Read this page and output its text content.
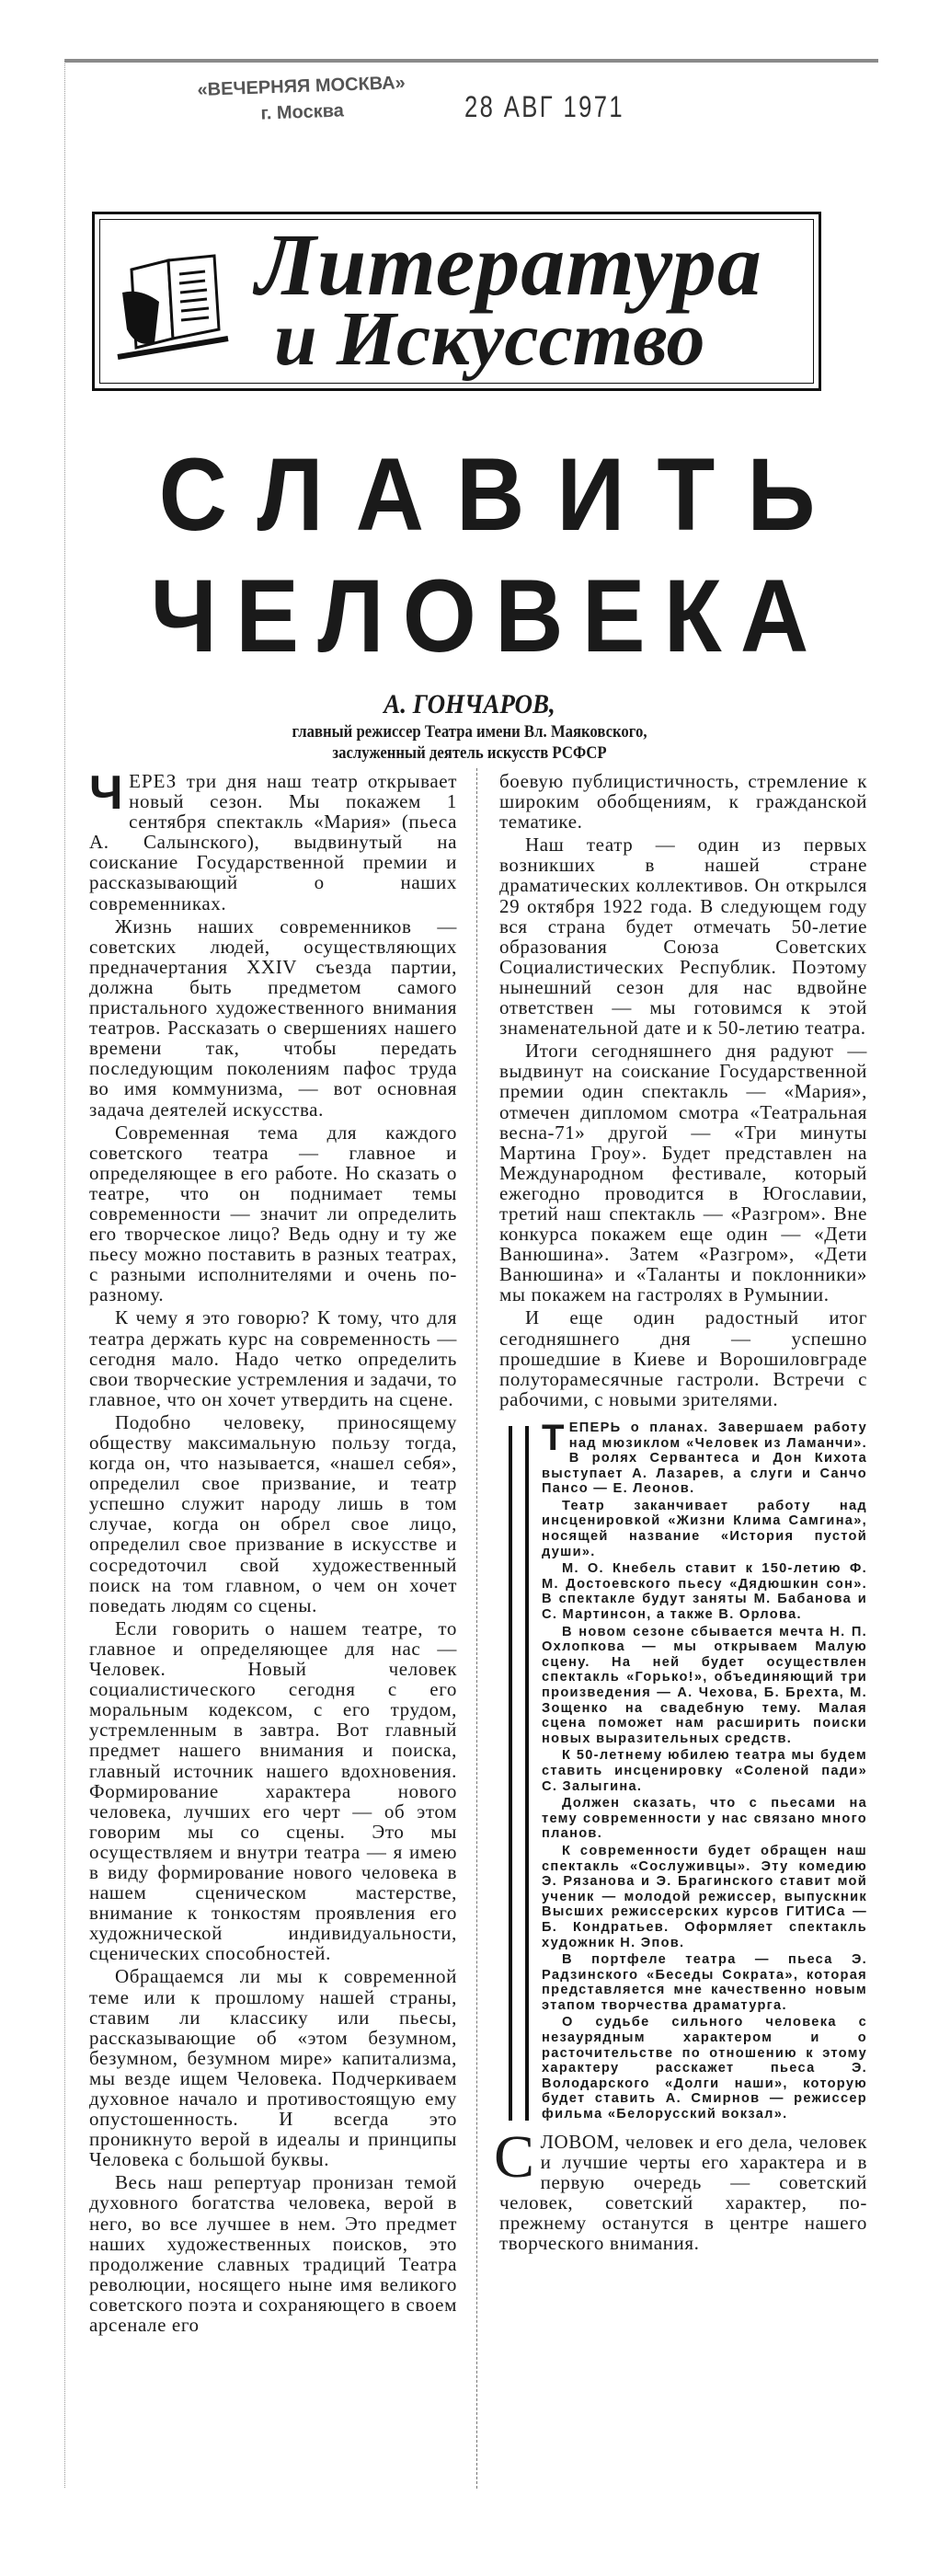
«ВЕЧЕРНЯЯ МОСКВА»
г. Москва	28 АВГ 1971
Литература
и Искусство
СЛАВИТЬ
ЧЕЛОВЕКА
А. ГОНЧАРОВ,
главный режиссер Театра имени Вл. Маяковского,
заслуженный деятель искусств РСФСР

ЧЕРЕЗ три дня наш театр открывает новый сезон. Мы покажем 1 сентября спектакль «Мария» (пьеса А. Салынского), выдвинутый на соискание Государственной премии и рассказывающий о наших современниках.

Жизнь наших современников — советских людей, осуществляющих предначертания XXIV съезда партии, должна быть предметом самого пристального художественного внимания театров. Рассказать о свершениях нашего времени так, чтобы передать последующим поколениям пафос труда во имя коммунизма, — вот основная задача деятелей искусства.

Современная тема для каждого советского театра — главное и определяющее в его работе. Но сказать о театре, что он поднимает темы современности — значит ли определить его творческое лицо? Ведь одну и ту же пьесу можно поставить в разных театрах, с разными исполнителями и очень по-разному.

К чему я это говорю? К тому, что для театра держать курс на современность — сегодня мало. Надо четко определить свои творческие устремления и задачи, то главное, что он хочет утвердить на сцене.

Подобно человеку, приносящему обществу максимальную пользу тогда, когда он, что называется, «нашел себя», определил свое призвание, и театр успешно служит народу лишь в том случае, когда он обрел свое лицо, определил свое призвание в искусстве и сосредоточил свой художественный поиск на том главном, о чем он хочет поведать людям со сцены.

Если говорить о нашем театре, то главное и определяющее для нас — Человек. Новый человек социалистического сегодня с его моральным кодексом, с его трудом, устремленным в завтра. Вот главный предмет нашего внимания и поиска, главный источник нашего вдохновения. Формирование характера нового человека, лучших его черт — об этом говорим мы со сцены. Это мы осуществляем и внутри театра — я имею в виду формирование нового человека в нашем сценическом мастерстве, внимание к тонкостям проявления его художнической индивидуальности, сценических способностей.

Обращаемся ли мы к современной теме или к прошлому нашей страны, ставим ли классику или пьесы, рассказывающие об «этом безумном, безумном, безумном мире» капитализма, мы везде ищем Человека. Подчеркиваем духовное начало и противостоящую ему опустошенность. И всегда это проникнуто верой в идеалы и принципы Человека с большой буквы.

Весь наш репертуар пронизан темой духовного богатства человека, верой в него, во все лучшее в нем. Это предмет наших художественных поисков, это продолжение славных традиций Театра революции, носящего ныне имя великого советского поэта и сохраняющего в своем арсенале его

боевую публицистичность, стремление к широким обобщениям, к гражданской тематике.

Наш театр — один из первых возникших в нашей стране драматических коллективов. Он открылся 29 октября 1922 года. В следующем году вся страна будет отмечать 50-летие образования Союза Советских Социалистических Республик. Поэтому нынешний сезон для нас вдвойне ответствен — мы готовимся к этой знаменательной дате и к 50-летию театра.

Итоги сегодняшнего дня радуют — выдвинут на соискание Государственной премии один спектакль — «Мария», отмечен дипломом смотра «Театральная весна-71» другой — «Три минуты Мартина Гроу». Будет представлен на Международном фестивале, который ежегодно проводится в Югославии, третий наш спектакль — «Разгром». Вне конкурса покажем еще один — «Дети Ванюшина». Затем «Разгром», «Дети Ванюшина» и «Таланты и поклонники» мы покажем на гастролях в Румынии.

И еще один радостный итог сегодняшнего дня — успешно прошедшие в Киеве и Ворошиловграде полуторамесячные гастроли. Встречи с рабочими, с новыми зрителями.

ТЕПЕРЬ о планах. Завершаем работу над мюзиклом «Человек из Ламанчи». В ролях Сервантеса и Дон Кихота выступает А. Лазарев, а слуги и Санчо Пансо — Е. Леонов.

Театр заканчивает работу над инсценировкой «Жизни Клима Самгина», носящей название «История пустой души».

М. О. Кнебель ставит к 150-летию Ф. М. Достоевского пьесу «Дядюшкин сон». В спектакле будут заняты М. Бабанова и С. Мартинсон, а также В. Орлова.

В новом сезоне сбывается мечта Н. П. Охлопкова — мы открываем Малую сцену. На ней будет осуществлен спектакль «Горько!», объединяющий три произведения — А. Чехова, Б. Брехта, М. Зощенко на свадебную тему. Малая сцена поможет нам расширить поиски новых выразительных средств.

К 50-летнему юбилею театра мы будем ставить инсценировку «Соленой пади» С. Залыгина.

Должен сказать, что с пьесами на тему современности у нас связано много планов.

К современности будет обращен наш спектакль «Сослуживцы». Эту комедию Э. Рязанова и Э. Брагинского ставит мой ученик — молодой режиссер, выпускник Высших режиссерских курсов ГИТИСа — Б. Кондратьев. Оформляет спектакль художник Н. Эпов.

В портфеле театра — пьеса Э. Радзинского «Беседы Сократа», которая представляется мне качественно новым этапом творчества драматурга.

О судьбе сильного человека с незаурядным характером и о расточительстве по отношению к этому характеру расскажет пьеса Э. Володарского «Долги наши», которую будет ставить А. Смирнов — режиссер фильма «Белорусский вокзал».

СЛОВОМ, человек и его дела, человек и лучшие черты его характера и в первую очередь — советский человек, советский характер, по-прежнему останутся в центре нашего творческого внимания.
